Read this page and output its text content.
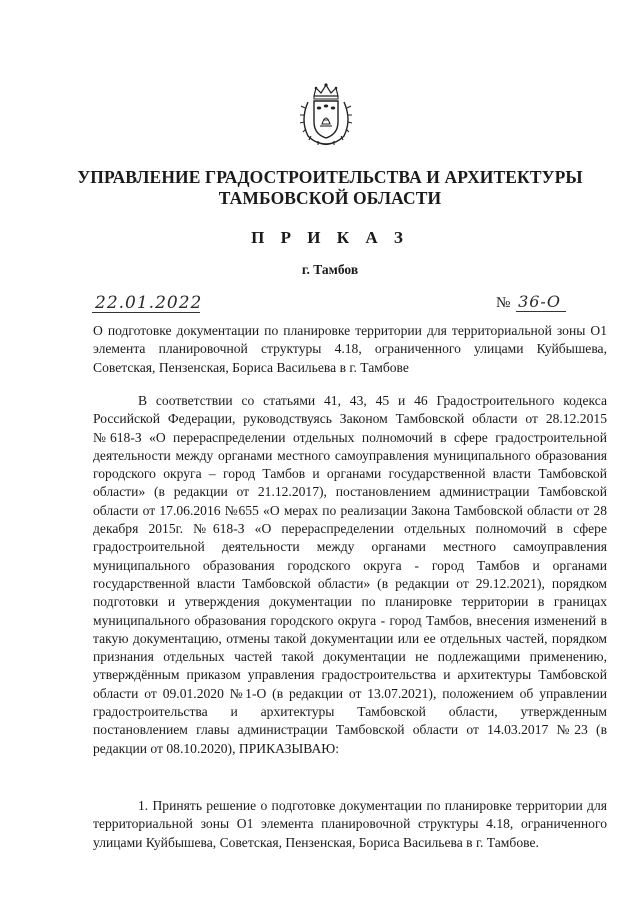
УПРАВЛЕНИЕ ГРАДОСТРОИТЕЛЬСТВА И АРХИТЕКТУРЫ
ТАМБОВСКОЙ ОБЛАСТИ
П Р И К А З
г. Тамбов
22.01.2022	№ 36-О
О подготовке документации по планировке территории для территориальной зоны О1 элемента планировочной структуры 4.18, ограниченного улицами Куйбышева, Советская, Пензенская, Бориса Васильева в г. Тамбове
В соответствии со статьями 41, 43, 45 и 46 Градостроительного кодекса Российской Федерации, руководствуясь Законом Тамбовской области от 28.12.2015 №618-З «О перераспределении отдельных полномочий в сфере градостроительной деятельности между органами местного самоуправления муниципального образования городского округа – город Тамбов и органами государственной власти Тамбовской области» (в редакции от 21.12.2017), постановлением администрации Тамбовской области от 17.06.2016 №655 «О мерах по реализации Закона Тамбовской области от 28 декабря 2015г. №618-З «О перераспределении отдельных полномочий в сфере градостроительной деятельности между органами местного самоуправления муниципального образования городского округа - город Тамбов и органами государственной власти Тамбовской области» (в редакции от 29.12.2021), порядком подготовки и утверждения документации по планировке территории в границах муниципального образования городского округа - город Тамбов, внесения изменений в такую документацию, отмены такой документации или ее отдельных частей, порядком признания отдельных частей такой документации не подлежащими применению, утверждённым приказом управления градостроительства и архитектуры Тамбовской области от 09.01.2020 №1-О (в редакции от 13.07.2021), положением об управлении градостроительства и архитектуры Тамбовской области, утвержденным постановлением главы администрации Тамбовской области от 14.03.2017 №23 (в редакции от 08.10.2020), ПРИКАЗЫВАЮ:
1. Принять решение о подготовке документации по планировке территории для территориальной зоны О1 элемента планировочной структуры 4.18, ограниченного улицами Куйбышева, Советская, Пензенская, Бориса Васильева в г. Тамбове.
